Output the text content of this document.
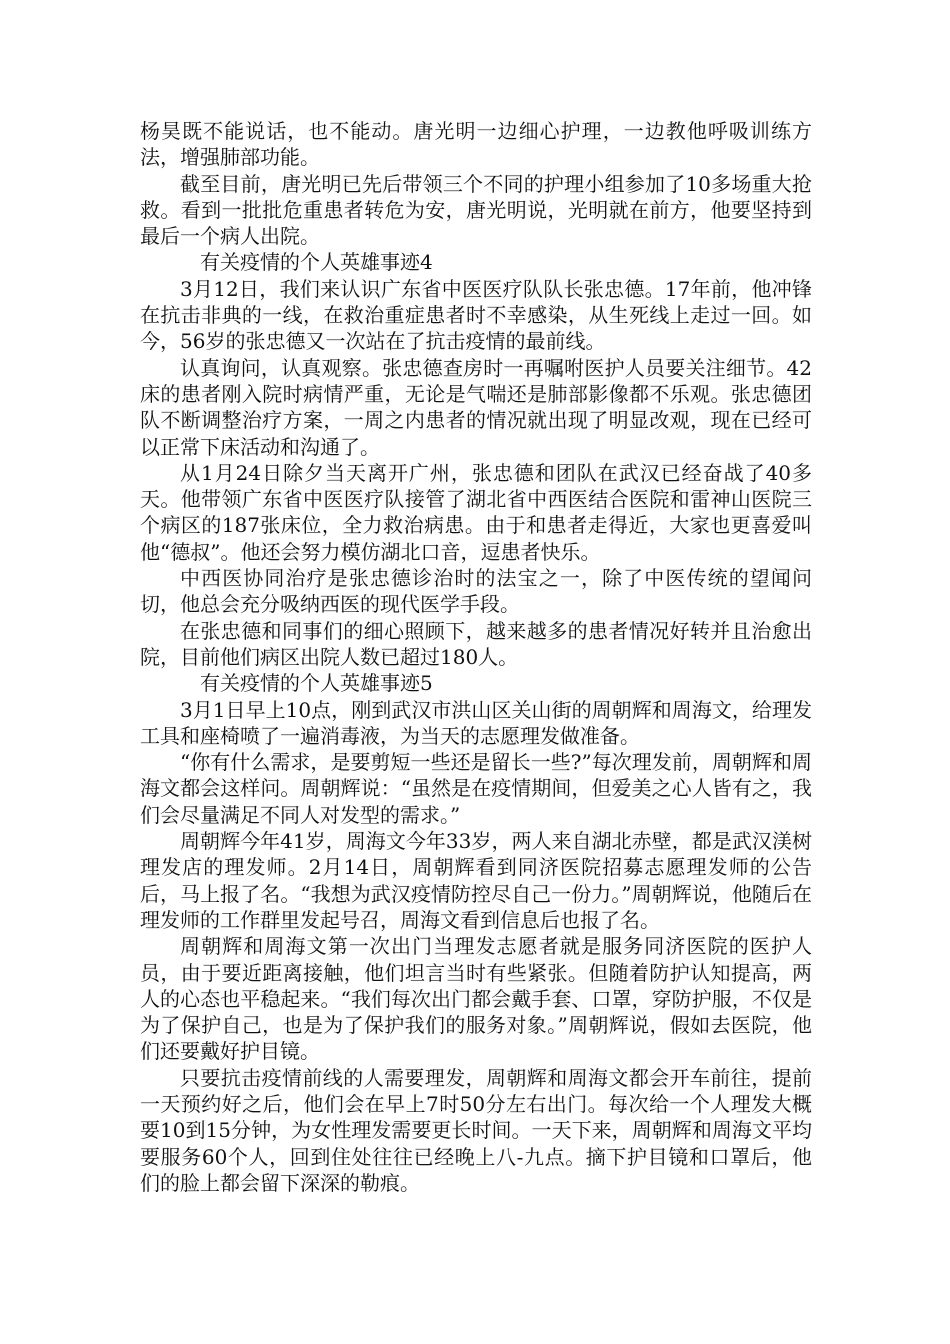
杨昊既不能说话，也不能动。唐光明一边细心护理，一边教他呼吸训练方法，增强肺部功能。

截至目前，唐光明已先后带领三个不同的护理小组参加了10多场重大抢救。看到一批批危重患者转危为安，唐光明说，光明就在前方，他要坚持到最后一个病人出院。

有关疫情的个人英雄事迹4

3月12日，我们来认识广东省中医医疗队队长张忠德。17年前，他冲锋在抗击非典的一线，在救治重症患者时不幸感染，从生死线上走过一回。如今，56岁的张忠德又一次站在了抗击疫情的最前线。

认真询问，认真观察。张忠德查房时一再嘱咐医护人员要关注细节。42床的患者刚入院时病情严重，无论是气喘还是肺部影像都不乐观。张忠德团队不断调整治疗方案，一周之内患者的情况就出现了明显改观，现在已经可以正常下床活动和沟通了。

从1月24日除夕当天离开广州，张忠德和团队在武汉已经奋战了40多天。他带领广东省中医医疗队接管了湖北省中西医结合医院和雷神山医院三个病区的187张床位，全力救治病患。由于和患者走得近，大家也更喜爱叫他“德叔”。他还会努力模仿湖北口音，逗患者快乐。

中西医协同治疗是张忠德诊治时的法宝之一，除了中医传统的望闻问切，他总会充分吸纳西医的现代医学手段。

在张忠德和同事们的细心照顾下，越来越多的患者情况好转并且治愈出院，目前他们病区出院人数已超过180人。

有关疫情的个人英雄事迹5

3月1日早上10点，刚到武汉市洪山区关山街的周朝辉和周海文，给理发工具和座椅喷了一遍消毒液，为当天的志愿理发做准备。

“你有什么需求，是要剪短一些还是留长一些?”每次理发前，周朝辉和周海文都会这样问。周朝辉说：“虽然是在疫情期间，但爱美之心人皆有之，我们会尽量满足不同人对发型的需求。”

周朝辉今年41岁，周海文今年33岁，两人来自湖北赤壁，都是武汉渼树理发店的理发师。2月14日，周朝辉看到同济医院招募志愿理发师的公告后，马上报了名。“我想为武汉疫情防控尽自己一份力。”周朝辉说，他随后在理发师的工作群里发起号召，周海文看到信息后也报了名。

周朝辉和周海文第一次出门当理发志愿者就是服务同济医院的医护人员，由于要近距离接触，他们坦言当时有些紧张。但随着防护认知提高，两人的心态也平稳起来。“我们每次出门都会戴手套、口罩，穿防护服，不仅是为了保护自己，也是为了保护我们的服务对象。”周朝辉说，假如去医院，他们还要戴好护目镜。

只要抗击疫情前线的人需要理发，周朝辉和周海文都会开车前往，提前一天预约好之后，他们会在早上7时50分左右出门。每次给一个人理发大概要10到15分钟，为女性理发需要更长时间。一天下来，周朝辉和周海文平均要服务60个人，回到住处往往已经晚上八-九点。摘下护目镜和口罩后，他们的脸上都会留下深深的勒痕。
